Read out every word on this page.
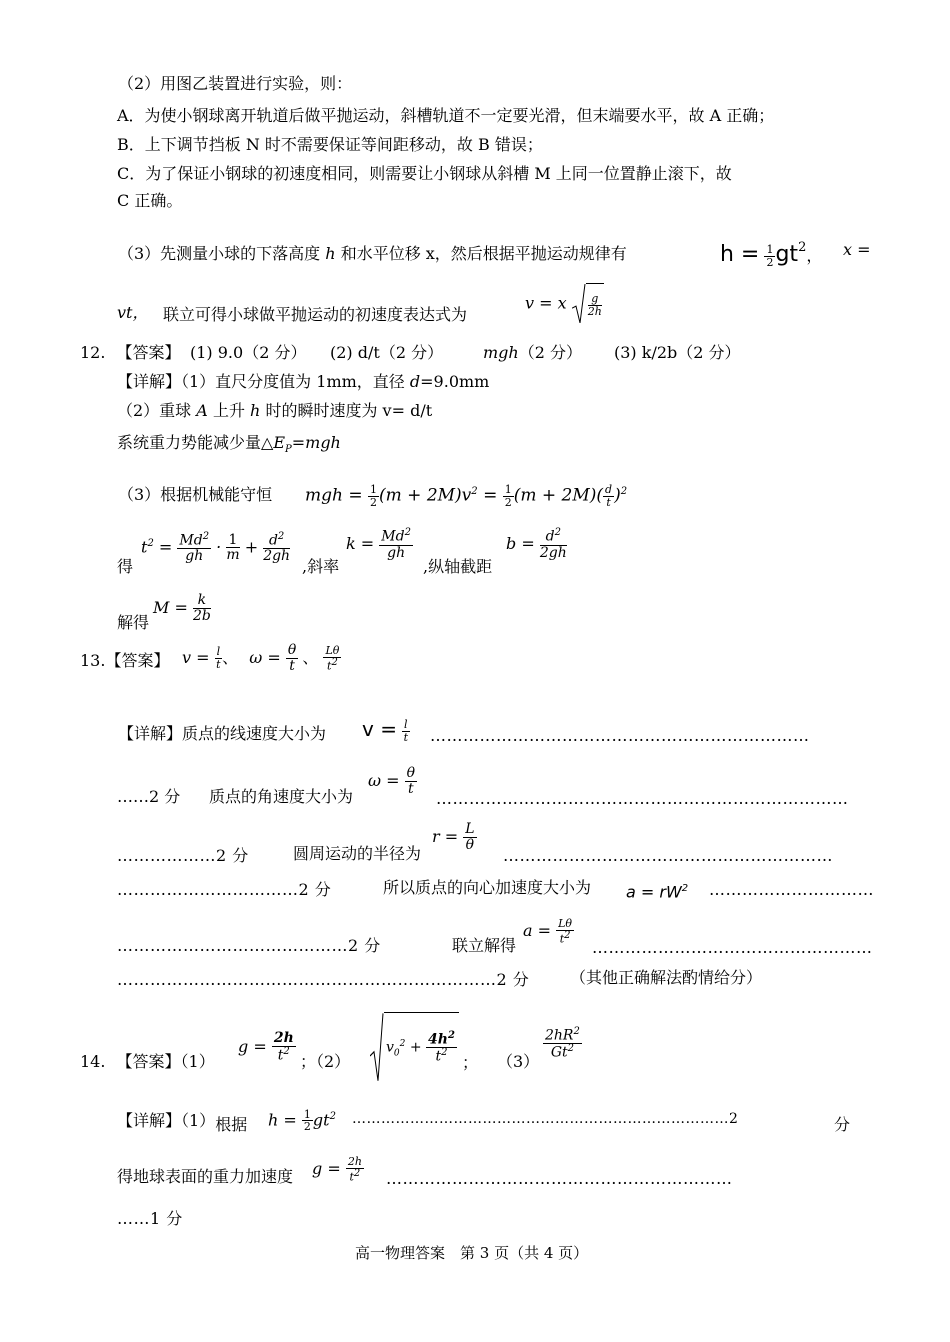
（2）用图乙装置进行实验，则：
A．为使小钢球离开轨道后做平抛运动，斜槽轨道不一定要光滑，但末端要水平，故 A 正确；
B．上下调节挡板 N 时不需要保证等间距移动，故 B 错误；
C．为了保证小钢球的初速度相同，则需要让小钢球从斜槽 M 上同一位置静止滚下，故
C 正确。
（3）先测量小球的下落高度 h 和水平位移 x，然后根据平抛运动规律有	$h = \frac{1}{2} gt^2$， x =
vt， 联立可得小球做平抛运动的初速度表达式为
v = x $\frac{g}{2h}$
12. 【答案】 (1) 9.0（2 分） (2) d/t（2 分） mgh（2 分） (3) k/2b（2 分）
【详解】（1）直尺分度值为 1mm，直径 d=9.0mm
（2）重球 A 上升 h 时的瞬时速度为 v= d/t
系统重力势能减少量$\triangle E_P=mgh$
（3）根据机械能守恒 mgh = $\frac{1}{2} (m + 2M)v^2 = \frac{1}{2} (m + 2M)( \frac{d}{t} )^2$
得
$t^2 = \frac{Md^2}{gh} \cdot \frac{1}{m} + \frac{d^2}{2gh}$
,斜率
$k = \frac{Md^2}{gh}$
,纵轴截距
$b = \frac{d^2}{2gh}$
解得
$M = \frac{k}{2b}$
13.【答案】 $v = \frac{l}{t}$ 、 $\omega = \frac{\theta}{t}$ 、 $\frac{L\theta}{t^2}$
【详解】质点的线速度大小为 $v = \frac{l}{t}$ ……………………………………………………………
……2 分 质点的角速度大小为
$\omega = \frac{\theta}{t}$
…………………………………………………………………
………………2 分	圆周运动的半径为
$r = \frac{L}{\theta}$
……………………………………………………
……………………………2 分	所以质点的向心加速度大小为 $a = rW^2$ …………………………
……………………………………2 分	联立解得
$a = \frac{L\theta}{t^2}$
……………………………………………
……………………………………………………………2 分	（其他正确解法酌情给分）
14. 【答案】（1）
$g = \frac{2h}{t^2}$ ；（2）
$v_0^2 + \frac{4h^2}{t^2}$ ； （3）
$\frac{2hR^2}{Gt^2}$
【详解】（1）根据 $h = \frac{1}{2} gt^2$ ……………………………………………………………………2	分
得地球表面的重力加速度 $g = \frac{2h}{t^2}$ ………………………………………………………
……1 分
高一物理答案　第 3 页（共 4 页）
